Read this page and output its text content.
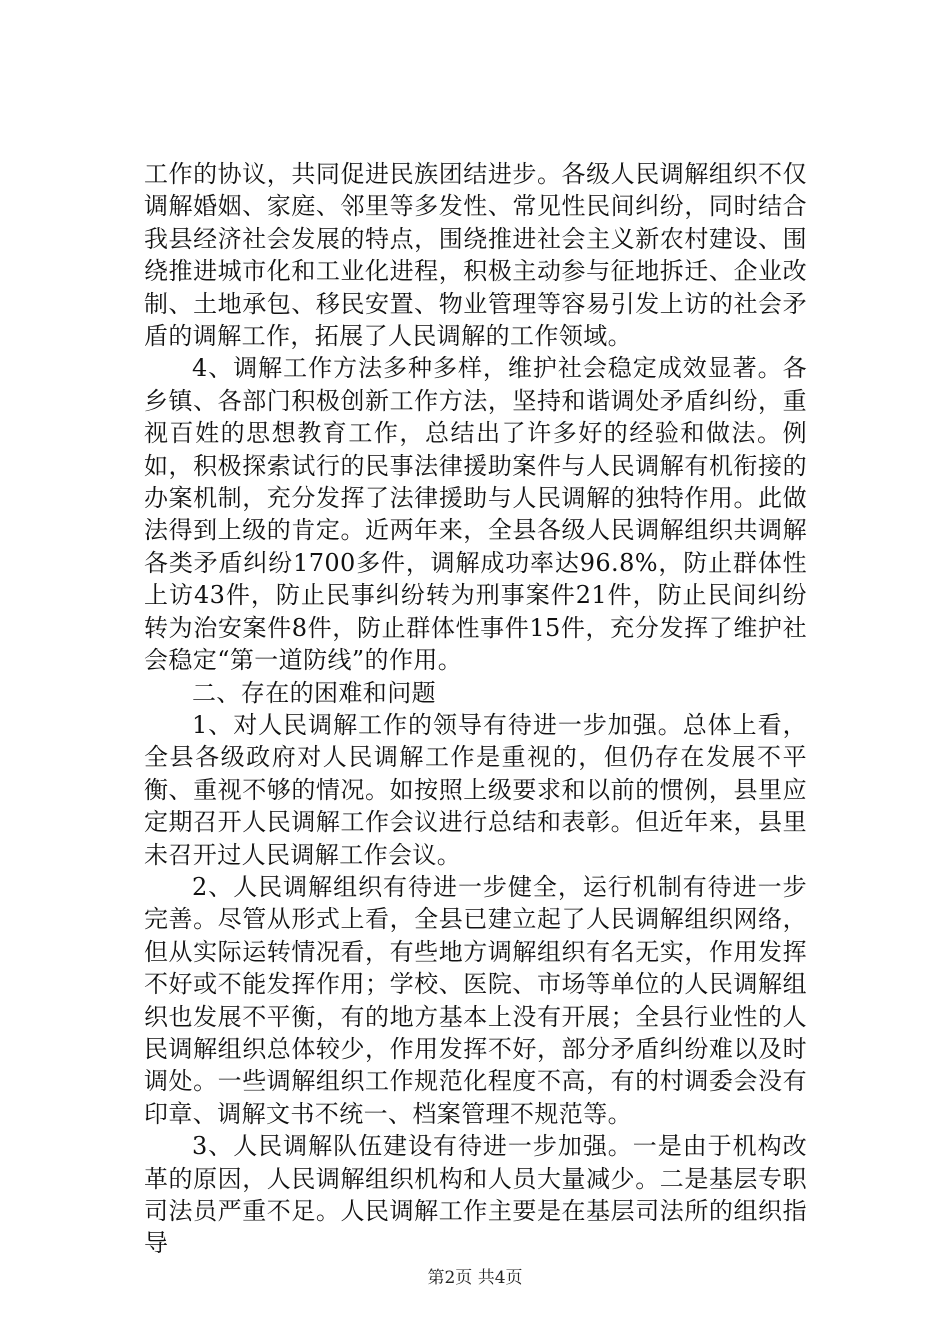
工作的协议，共同促进民族团结进步。各级人民调解组织不仅调解婚姻、家庭、邻里等多发性、常见性民间纠纷，同时结合我县经济社会发展的特点，围绕推进社会主义新农村建设、围绕推进城市化和工业化进程，积极主动参与征地拆迁、企业改制、土地承包、移民安置、物业管理等容易引发上访的社会矛盾的调解工作，拓展了人民调解的工作领域。

4、调解工作方法多种多样，维护社会稳定成效显著。各乡镇、各部门积极创新工作方法，坚持和谐调处矛盾纠纷，重视百姓的思想教育工作，总结出了许多好的经验和做法。例如，积极探索试行的民事法律援助案件与人民调解有机衔接的办案机制，充分发挥了法律援助与人民调解的独特作用。此做法得到上级的肯定。近两年来，全县各级人民调解组织共调解各类矛盾纠纷1700多件，调解成功率达96.8%，防止群体性上访43件，防止民事纠纷转为刑事案件21件，防止民间纠纷转为治安案件8件，防止群体性事件15件，充分发挥了维护社会稳定“第一道防线”的作用。

二、存在的困难和问题

1、对人民调解工作的领导有待进一步加强。总体上看，全县各级政府对人民调解工作是重视的，但仍存在发展不平衡、重视不够的情况。如按照上级要求和以前的惯例，县里应定期召开人民调解工作会议进行总结和表彰。但近年来，县里未召开过人民调解工作会议。

2、人民调解组织有待进一步健全，运行机制有待进一步完善。尽管从形式上看，全县已建立起了人民调解组织网络，但从实际运转情况看，有些地方调解组织有名无实，作用发挥不好或不能发挥作用；学校、医院、市场等单位的人民调解组织也发展不平衡，有的地方基本上没有开展；全县行业性的人民调解组织总体较少，作用发挥不好，部分矛盾纠纷难以及时调处。一些调解组织工作规范化程度不高，有的村调委会没有印章、调解文书不统一、档案管理不规范等。

3、人民调解队伍建设有待进一步加强。一是由于机构改革的原因，人民调解组织机构和人员大量减少。二是基层专职司法员严重不足。人民调解工作主要是在基层司法所的组织指导

第2页 共4页
